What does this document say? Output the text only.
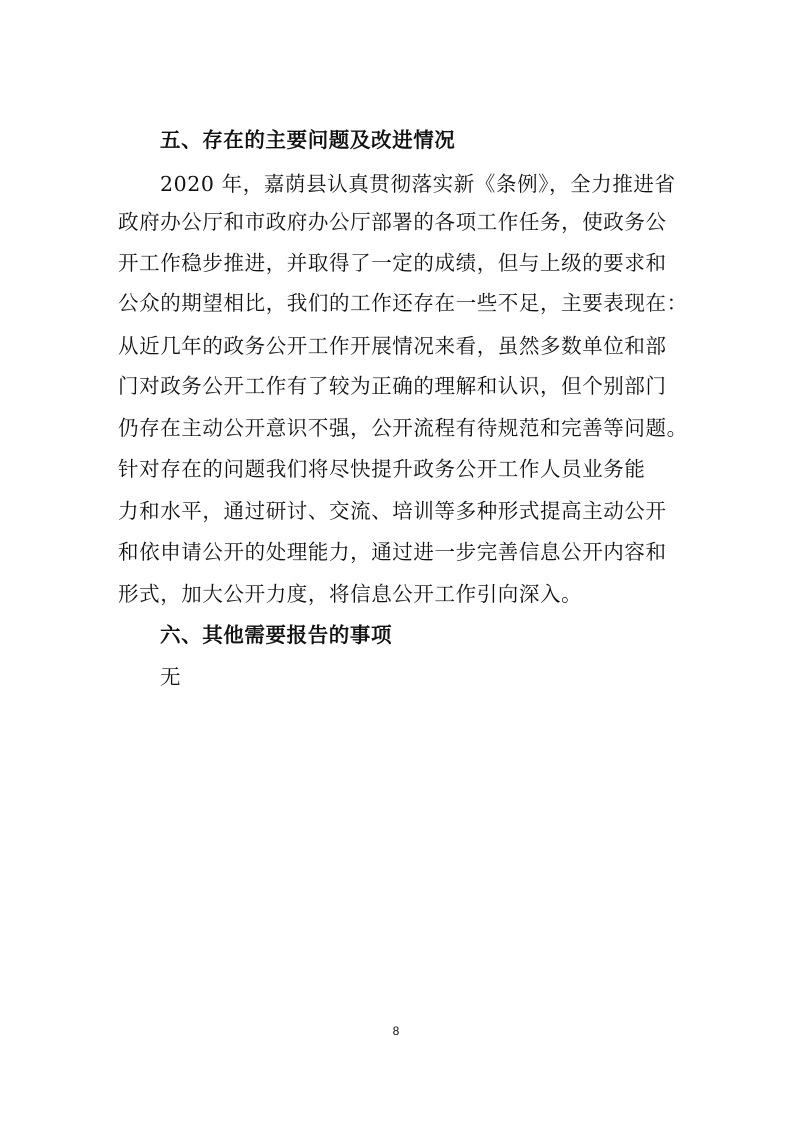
五、存在的主要问题及改进情况
2020 年，嘉荫县认真贯彻落实新《条例》，全力推进省
政府办公厅和市政府办公厅部署的各项工作任务，使政务公
开工作稳步推进，并取得了一定的成绩，但与上级的要求和
公众的期望相比，我们的工作还存在一些不足，主要表现在：
从近几年的政务公开工作开展情况来看，虽然多数单位和部
门对政务公开工作有了较为正确的理解和认识，但个别部门
仍存在主动公开意识不强，公开流程有待规范和完善等问题。
针对存在的问题我们将尽快提升政务公开工作人员业务能
力和水平，通过研讨、交流、培训等多种形式提高主动公开
和依申请公开的处理能力，通过进一步完善信息公开内容和
形式，加大公开力度，将信息公开工作引向深入。
六、其他需要报告的事项
无
8
